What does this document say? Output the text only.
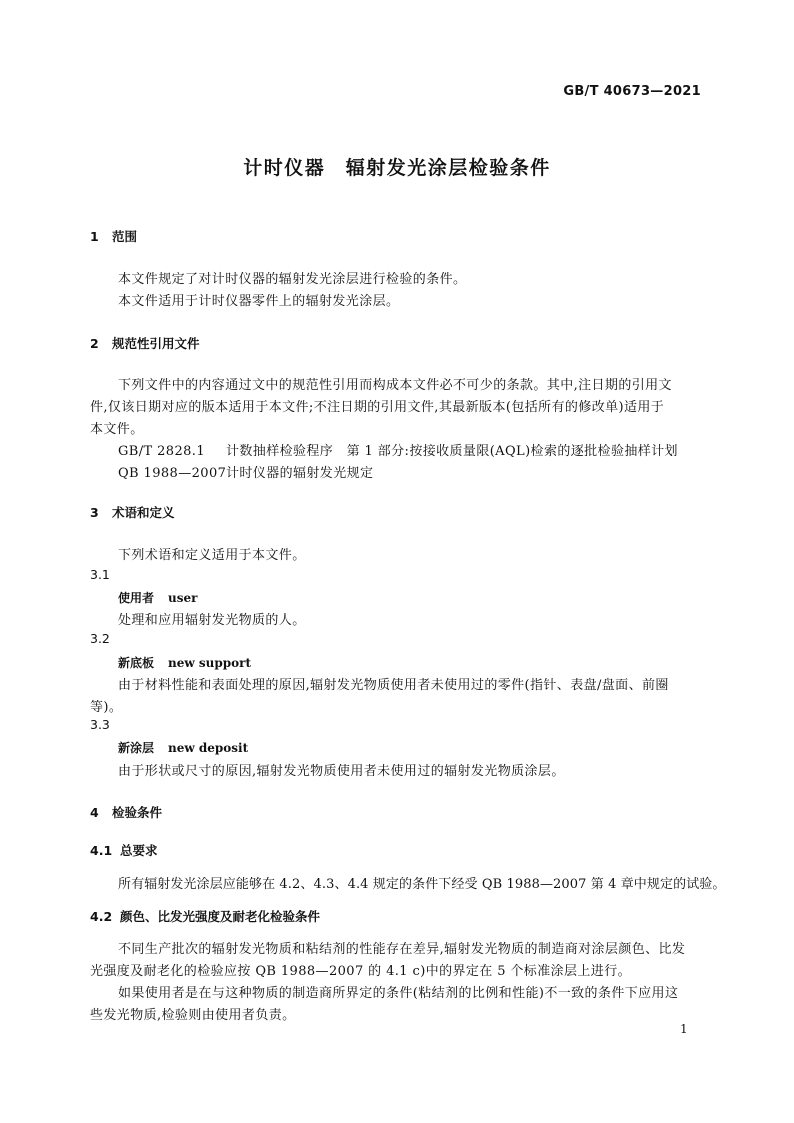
GB/T 40673—2021
计时仪器　辐射发光涂层检验条件
1 范围
本文件规定了对计时仪器的辐射发光涂层进行检验的条件。
本文件适用于计时仪器零件上的辐射发光涂层。
2 规范性引用文件
下列文件中的内容通过文中的规范性引用而构成本文件必不可少的条款。其中,注日期的引用文
件,仅该日期对应的版本适用于本文件;不注日期的引用文件,其最新版本(包括所有的修改单)适用于
本文件。
GB/T 2828.1 计数抽样检验程序　第 1 部分:按接收质量限(AQL)检索的逐批检验抽样计划
QB 1988—2007计时仪器的辐射发光规定
3 术语和定义
下列术语和定义适用于本文件。
3.1
使用者 user
处理和应用辐射发光物质的人。
3.2
新底板 new support
由于材料性能和表面处理的原因,辐射发光物质使用者未使用过的零件(指针、表盘/盘面、前圈
等)。
3.3
新涂层 new deposit
由于形状或尺寸的原因,辐射发光物质使用者未使用过的辐射发光物质涂层。
4 检验条件
4.1 总要求
所有辐射发光涂层应能够在 4.2、4.3、4.4 规定的条件下经受 QB 1988—2007 第 4 章中规定的试验。
4.2 颜色、比发光强度及耐老化检验条件
不同生产批次的辐射发光物质和粘结剂的性能存在差异,辐射发光物质的制造商对涂层颜色、比发
光强度及耐老化的检验应按 QB 1988—2007 的 4.1 c)中的界定在 5 个标准涂层上进行。
如果使用者是在与这种物质的制造商所界定的条件(粘结剂的比例和性能)不一致的条件下应用这
些发光物质,检验则由使用者负责。
1
